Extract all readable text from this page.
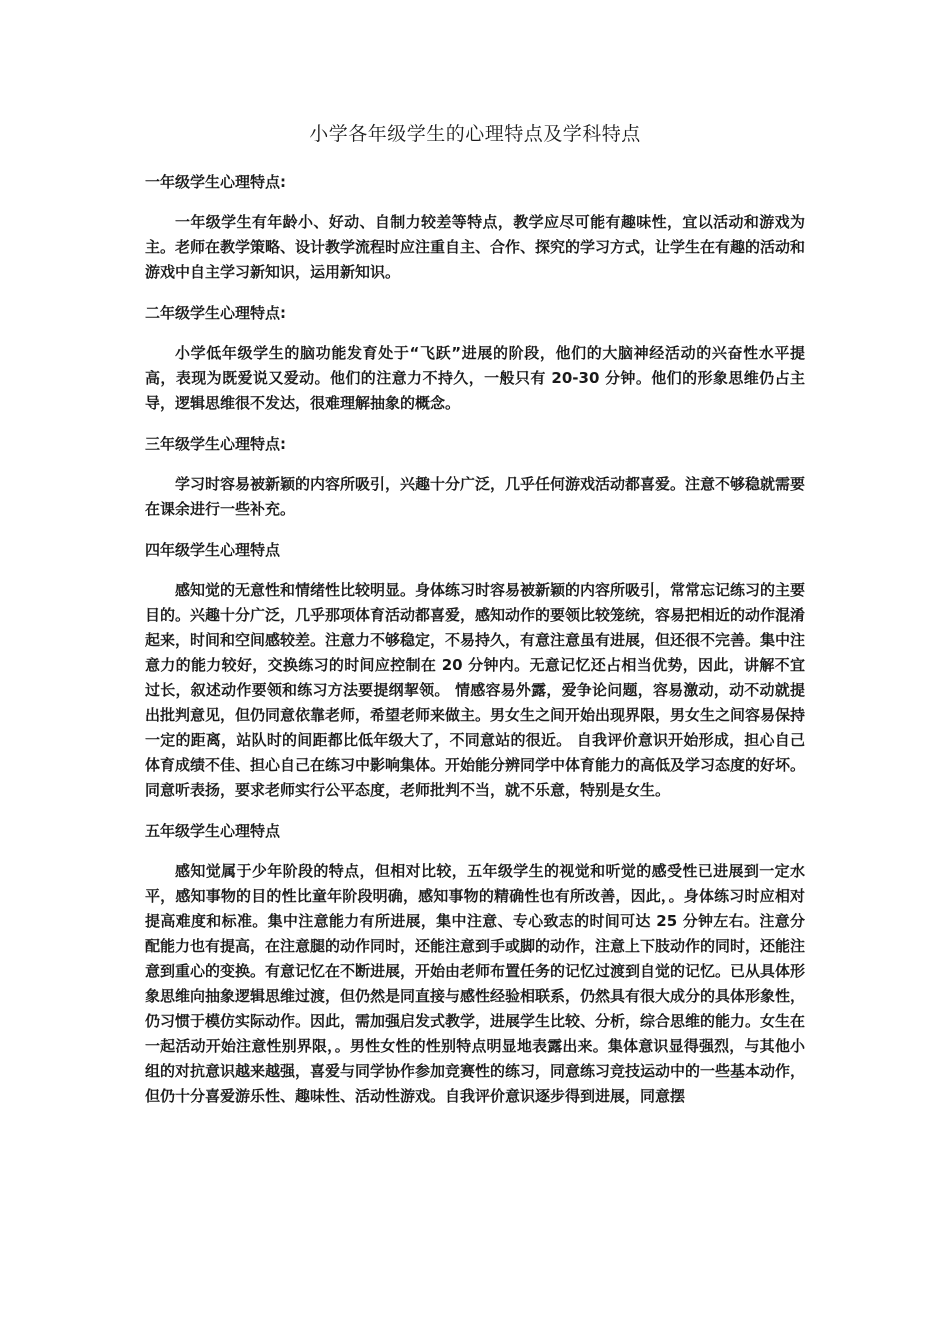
小学各年级学生的心理特点及学科特点

一年级学生心理特点:

一年级学生有年龄小、好动、自制力较差等特点，教学应尽可能有趣味性，宜以活动和游戏为主。老师在教学策略、设计教学流程时应注重自主、合作、探究的学习方式，让学生在有趣的活动和游戏中自主学习新知识，运用新知识。

二年级学生心理特点:

小学低年级学生的脑功能发育处于“飞跃”进展的阶段，他们的大脑神经活动的兴奋性水平提高，表现为既爱说又爱动。他们的注意力不持久，一般只有 20-30 分钟。他们的形象思维仍占主导，逻辑思维很不发达，很难理解抽象的概念。

三年级学生心理特点:

学习时容易被新颖的内容所吸引，兴趣十分广泛，几乎任何游戏活动都喜爱。注意不够稳就需要在课余进行一些补充。

四年级学生心理特点

感知觉的无意性和情绪性比较明显。身体练习时容易被新颖的内容所吸引，常常忘记练习的主要目的。兴趣十分广泛，几乎那项体育活动都喜爱，感知动作的要领比较笼统，容易把相近的动作混淆起来，时间和空间感较差。注意力不够稳定，不易持久，有意注意虽有进展，但还很不完善。集中注意力的能力较好，交换练习的时间应控制在 20 分钟内。无意记忆还占相当优势，因此，讲解不宜过长，叙述动作要领和练习方法要提纲挈领。 情感容易外露，爱争论问题，容易激动，动不动就提出批判意见，但仍同意依靠老师，希望老师来做主。男女生之间开始出现界限，男女生之间容易保持一定的距离，站队时的间距都比低年级大了，不同意站的很近。 自我评价意识开始形成，担心自己体育成绩不佳、担心自己在练习中影响集体。开始能分辨同学中体育能力的高低及学习态度的好坏。同意听表扬，要求老师实行公平态度，老师批判不当，就不乐意，特别是女生。

五年级学生心理特点

感知觉属于少年阶段的特点，但相对比较，五年级学生的视觉和听觉的感受性已进展到一定水平，感知事物的目的性比童年阶段明确，感知事物的精确性也有所改善，因此，。身体练习时应相对提高难度和标准。集中注意能力有所进展，集中注意、专心致志的时间可达 25 分钟左右。注意分配能力也有提高，在注意腿的动作同时，还能注意到手或脚的动作，注意上下肢动作的同时，还能注意到重心的变换。有意记忆在不断进展，开始由老师布置任务的记忆过渡到自觉的记忆。已从具体形象思维向抽象逻辑思维过渡，但仍然是同直接与感性经验相联系，仍然具有很大成分的具体形象性，仍习惯于模仿实际动作。因此，需加强启发式教学，进展学生比较、分析，综合思维的能力。女生在一起活动开始注意性别界限，。男性女性的性别特点明显地表露出来。集体意识显得强烈，与其他小组的对抗意识越来越强，喜爱与同学协作参加竞赛性的练习，同意练习竞技运动中的一些基本动作，但仍十分喜爱游乐性、趣味性、活动性游戏。自我评价意识逐步得到进展，同意摆
